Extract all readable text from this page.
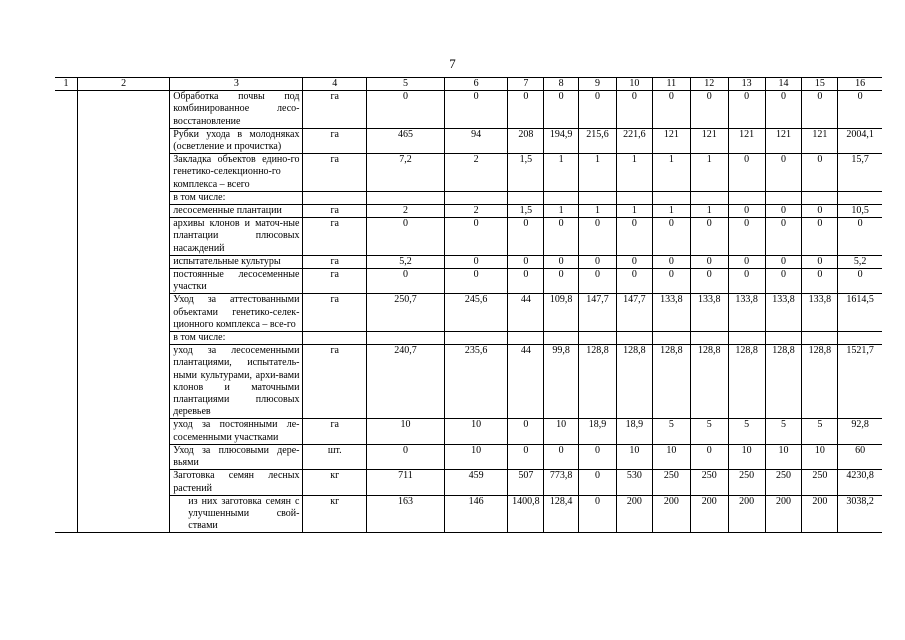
7
1	2	3	4	5	6	7	8	9	10	11	12	13	14	15	16
		Обработка почвы под комбинированное лесо-восстановление	га	0	0	0	0	0	0	0	0	0	0	0	0
		Рубки ухода в молодняках (осветление и прочистка)	га	465	94	208	194,9	215,6	221,6	121	121	121	121	121	2004,1
		Закладка объектов едино-го генетико-селекционно-го комплекса – всего	га	7,2	2	1,5	1	1	1	1	1	0	0	0	15,7
		в том числе:													
		лесосеменные плантации	га	2	2	1,5	1	1	1	1	1	0	0	0	10,5
		архивы клонов и маточ-ные плантации плюсовых насаждений	га	0	0	0	0	0	0	0	0	0	0	0	0
		испытательные культуры	га	5,2	0	0	0	0	0	0	0	0	0	0	5,2
		постоянные лесосеменные участки	га	0	0	0	0	0	0	0	0	0	0	0	0
		Уход за аттестованными объектами генетико-селек-ционного комплекса – все-го	га	250,7	245,6	44	109,8	147,7	147,7	133,8	133,8	133,8	133,8	133,8	1614,5
		в том числе:													
		уход за лесосеменными плантациями, испытатель-ными культурами, архи-вами клонов и маточными плантациями плюсовых деревьев	га	240,7	235,6	44	99,8	128,8	128,8	128,8	128,8	128,8	128,8	128,8	1521,7
		уход за постоянными ле-сосеменными участками	га	10	10	0	10	18,9	18,9	5	5	5	5	5	92,8
		Уход за плюсовыми дере-вьями	шт.	0	10	0	0	0	10	10	0	10	10	10	60
		Заготовка семян лесных растений	кг	711	459	507	773,8	0	530	250	250	250	250	250	4230,8
		из них заготовка семян с улучшенными свой-ствами	кг	163	146	1400,8	128,4	0	200	200	200	200	200	200	3038,2
